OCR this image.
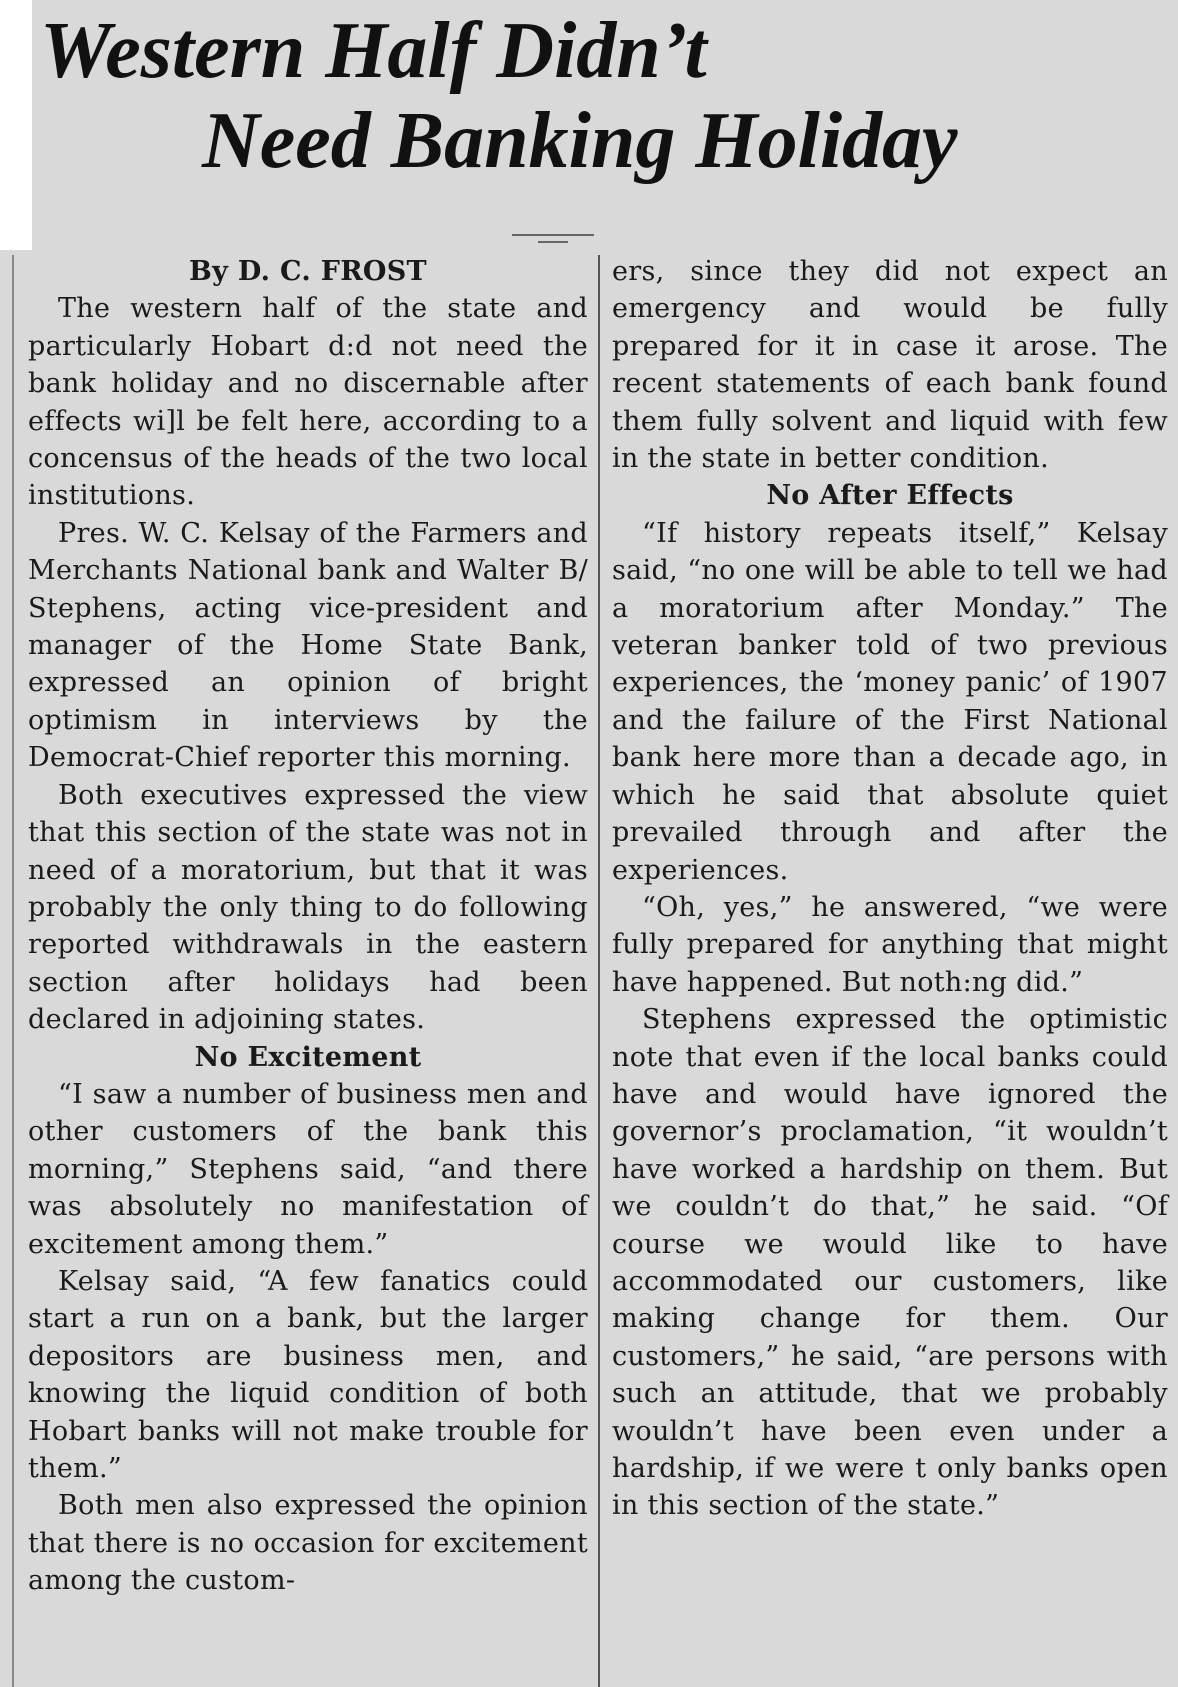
Western Half Didn’t
Need Banking Holiday

By D. C. FROST

The western half of the state and particularly Hobart d:d not need the bank holiday and no discernable after effects wi]l be felt here, according to a concensus of the heads of the two local institutions.

Pres. W. C. Kelsay of the Farmers and Merchants National bank and Walter B/ Stephens, acting vice-president and manager of the Home State Bank, expressed an opinion of bright optimism in interviews by the Democrat-Chief reporter this morning.

Both executives expressed the view that this section of the state was not in need of a moratorium, but that it was probably the only thing to do following reported withdrawals in the eastern section after holidays had been declared in adjoining states.

No Excitement

“I saw a number of business men and other customers of the bank this morning,” Stephens said, “and there was absolutely no manifestation of excitement among them.”

Kelsay said, “A few fanatics could start a run on a bank, but the larger depositors are business men, and knowing the liquid condition of both Hobart banks will not make trouble for them.”

Both men also expressed the opinion that there is no occasion for excitement among the custom-

ers, since they did not expect an emergency and would be fully prepared for it in case it arose. The recent statements of each bank found them fully solvent and liquid with few in the state in better condition.

No After Effects

“If history repeats itself,” Kelsay said, “no one will be able to tell we had a moratorium after Monday.” The veteran banker told of two previous experiences, the ‘money panic’ of 1907 and the failure of the First National bank here more than a decade ago, in which he said that absolute quiet prevailed through and after the experiences.

“Oh, yes,” he answered, “we were fully prepared for anything that might have happened. But noth:ng did.”

Stephens expressed the optimistic note that even if the local banks could have and would have ignored the governor’s proclamation, “it wouldn’t have worked a hardship on them. But we couldn’t do that,” he said. “Of course we would like to have accommodated our customers, like making change for them. Our customers,” he said, “are persons with such an attitude, that we probably wouldn’t have been even under a hardship, if we were t only banks open in this section of the state.”
